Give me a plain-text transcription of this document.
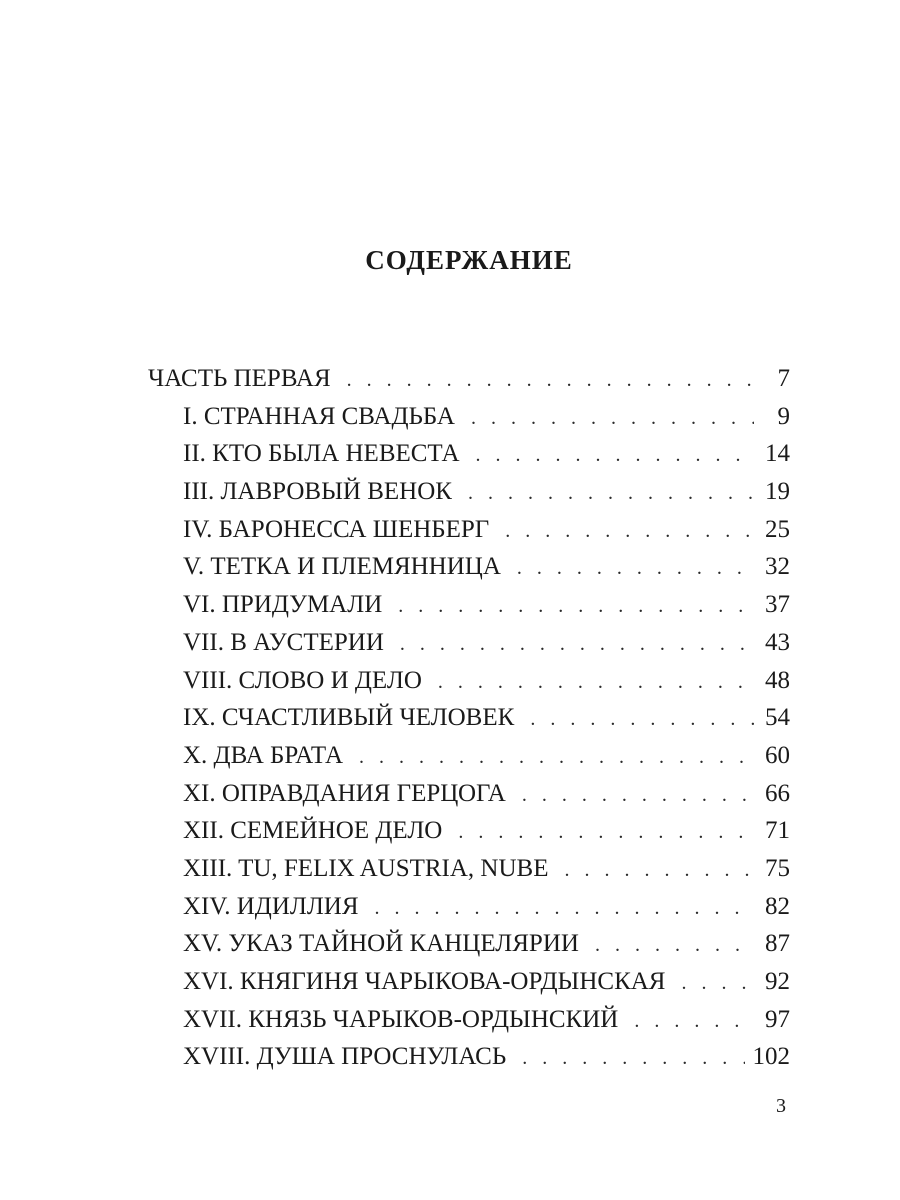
СОДЕРЖАНИЕ
ЧАСТЬ ПЕРВАЯ . . .	7
I. СТРАННАЯ СВАДЬБА . . .	9
II. КТО БЫЛА НЕВЕСТА . . .	14
III. ЛАВРОВЫЙ ВЕНОК . . .	19
IV. БАРОНЕССА ШЕНБЕРГ . . .	25
V. ТЕТКА И ПЛЕМЯННИЦА . . .	32
VI. ПРИДУМАЛИ . . .	37
VII. В АУСТЕРИИ . . .	43
VIII. СЛОВО И ДЕЛО . . .	48
IX. СЧАСТЛИВЫЙ ЧЕЛОВЕК . . .	54
X. ДВА БРАТА . . .	60
XI. ОПРАВДАНИЯ ГЕРЦОГА . . .	66
XII. СЕМЕЙНОЕ ДЕЛО . . .	71
XIII. TU, FELIX AUSTRIA, NUBE . . .	75
XIV. ИДИЛЛИЯ . . .	82
XV. УКАЗ ТАЙНОЙ КАНЦЕЛЯРИИ . . .	87
XVI. КНЯГИНЯ ЧАРЫКОВА-ОРДЫНСКАЯ . . .	92
XVII. КНЯЗЬ ЧАРЫКОВ-ОРДЫНСКИЙ . . .	97
XVIII. ДУША ПРОСНУЛАСЬ . . .	102
3
